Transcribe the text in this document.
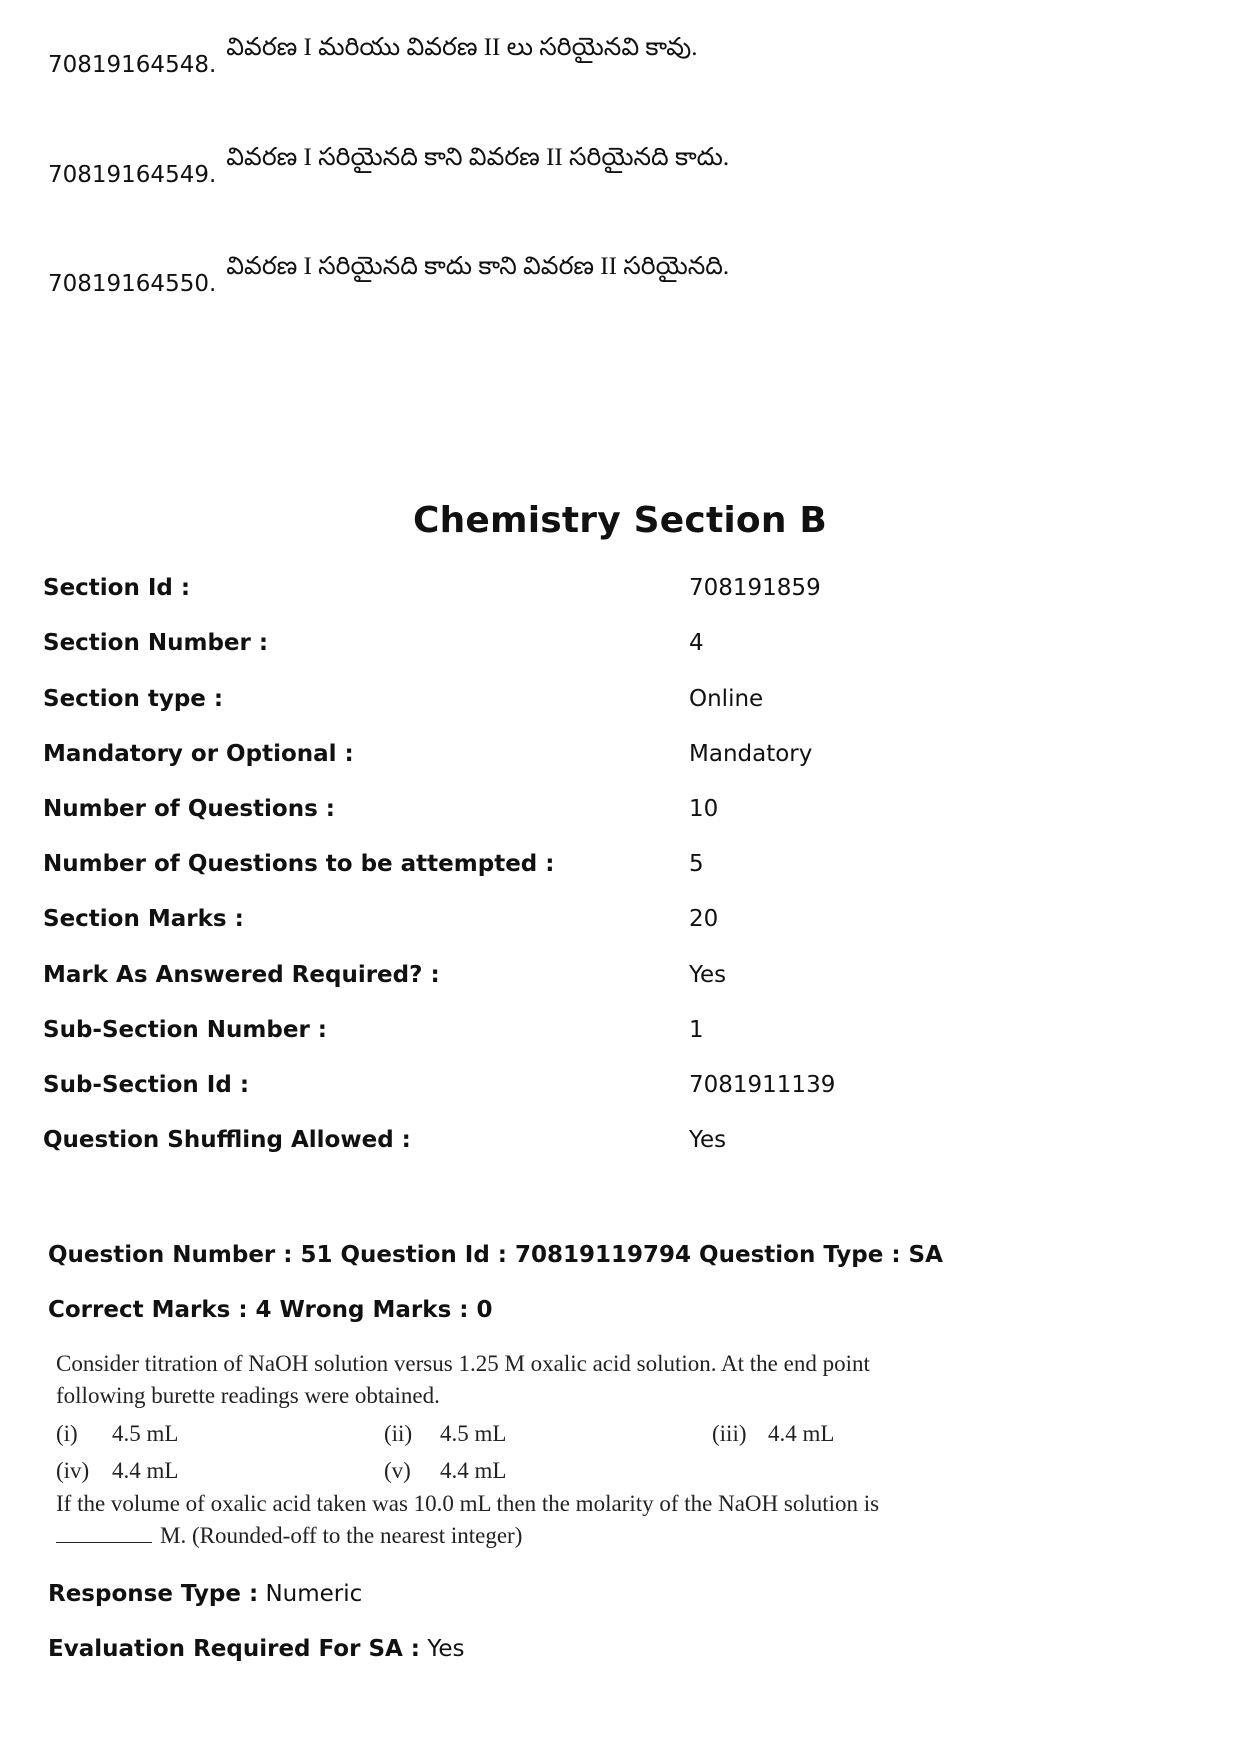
70819164548.
వివరణ I మరియు వివరణ II లు సరియైనవి కావు.
70819164549.
వివరణ I సరియైనది కాని వివరణ II సరియైనది కాదు.
70819164550.
వివరణ I సరియైనది కాదు కాని వివరణ II సరియైనది.
Chemistry Section B
Section Id :	708191859
Section Number :	4
Section type :	Online
Mandatory or Optional :	Mandatory
Number of Questions :	10
Number of Questions to be attempted :	5
Section Marks :	20
Mark As Answered Required? :	Yes
Sub-Section Number :	1
Sub-Section Id :	7081911139
Question Shuffling Allowed :	Yes
Question Number : 51 Question Id : 70819119794 Question Type : SA
Correct Marks : 4 Wrong Marks : 0
Consider titration of NaOH solution versus 1.25 M oxalic acid solution. At the end point
following burette readings were obtained.
(i) 4.5 mL	(ii) 4.5 mL	(iii) 4.4 mL
(iv) 4.4 mL	(v) 4.4 mL
If the volume of oxalic acid taken was 10.0 mL then the molarity of the NaOH solution is
M. (Rounded-off to the nearest integer)
Response Type : Numeric
Evaluation Required For SA : Yes
